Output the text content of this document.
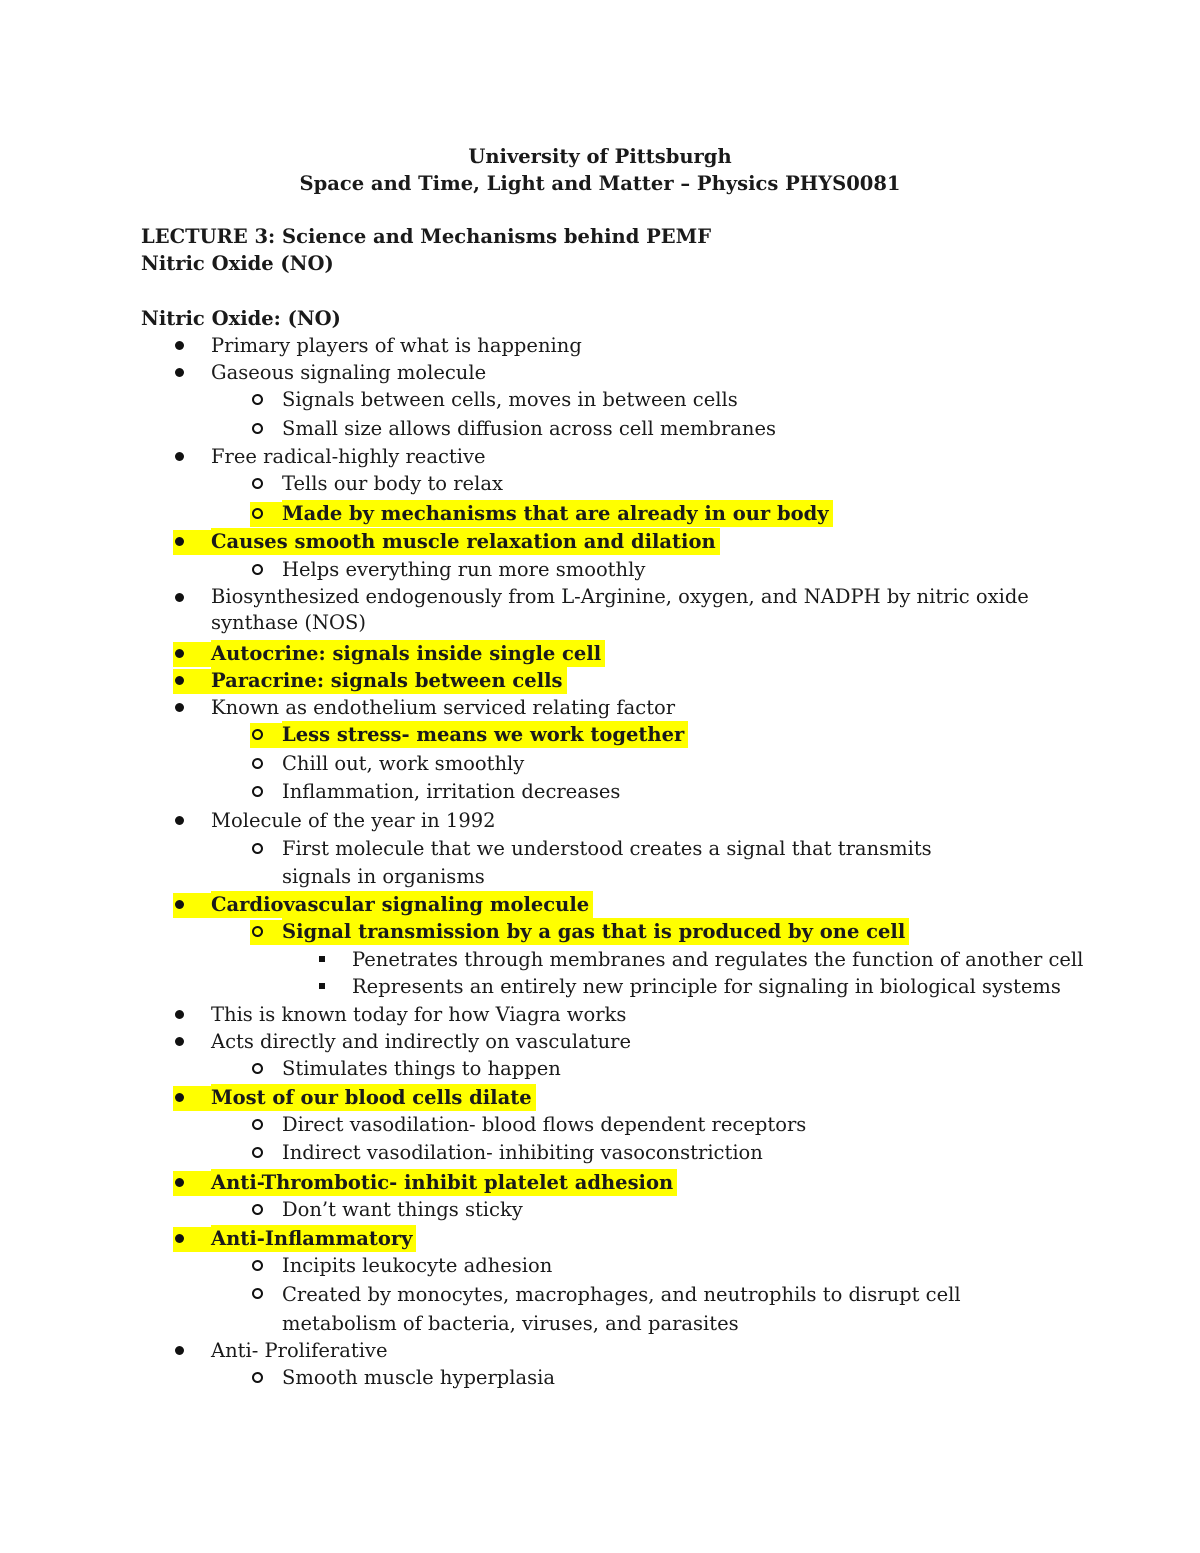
University of Pittsburgh
Space and Time, Light and Matter – Physics PHYS0081
LECTURE 3: Science and Mechanisms behind PEMF
Nitric Oxide (NO)
Nitric Oxide: (NO)
Primary players of what is happening
Gaseous signaling molecule
Signals between cells, moves in between cells
Small size allows diffusion across cell membranes
Free radical-highly reactive
Tells our body to relax
Made by mechanisms that are already in our body
Causes smooth muscle relaxation and dilation
Helps everything run more smoothly
Biosynthesized endogenously from L-Arginine, oxygen, and NADPH by nitric oxide synthase (NOS)
Autocrine: signals inside single cell
Paracrine: signals between cells
Known as endothelium serviced relating factor
Less stress- means we work together
Chill out, work smoothly
Inflammation, irritation decreases
Molecule of the year in 1992
First molecule that we understood creates a signal that transmits signals in organisms
Cardiovascular signaling molecule
Signal transmission by a gas that is produced by one cell
Penetrates through membranes and regulates the function of another cell
Represents an entirely new principle for signaling in biological systems
This is known today for how Viagra works
Acts directly and indirectly on vasculature
Stimulates things to happen
Most of our blood cells dilate
Direct vasodilation- blood flows dependent receptors
Indirect vasodilation- inhibiting vasoconstriction
Anti-Thrombotic- inhibit platelet adhesion
Don’t want things sticky
Anti-Inflammatory
Incipits leukocyte adhesion
Created by monocytes, macrophages, and neutrophils to disrupt cell metabolism of bacteria, viruses, and parasites
Anti- Proliferative
Smooth muscle hyperplasia
